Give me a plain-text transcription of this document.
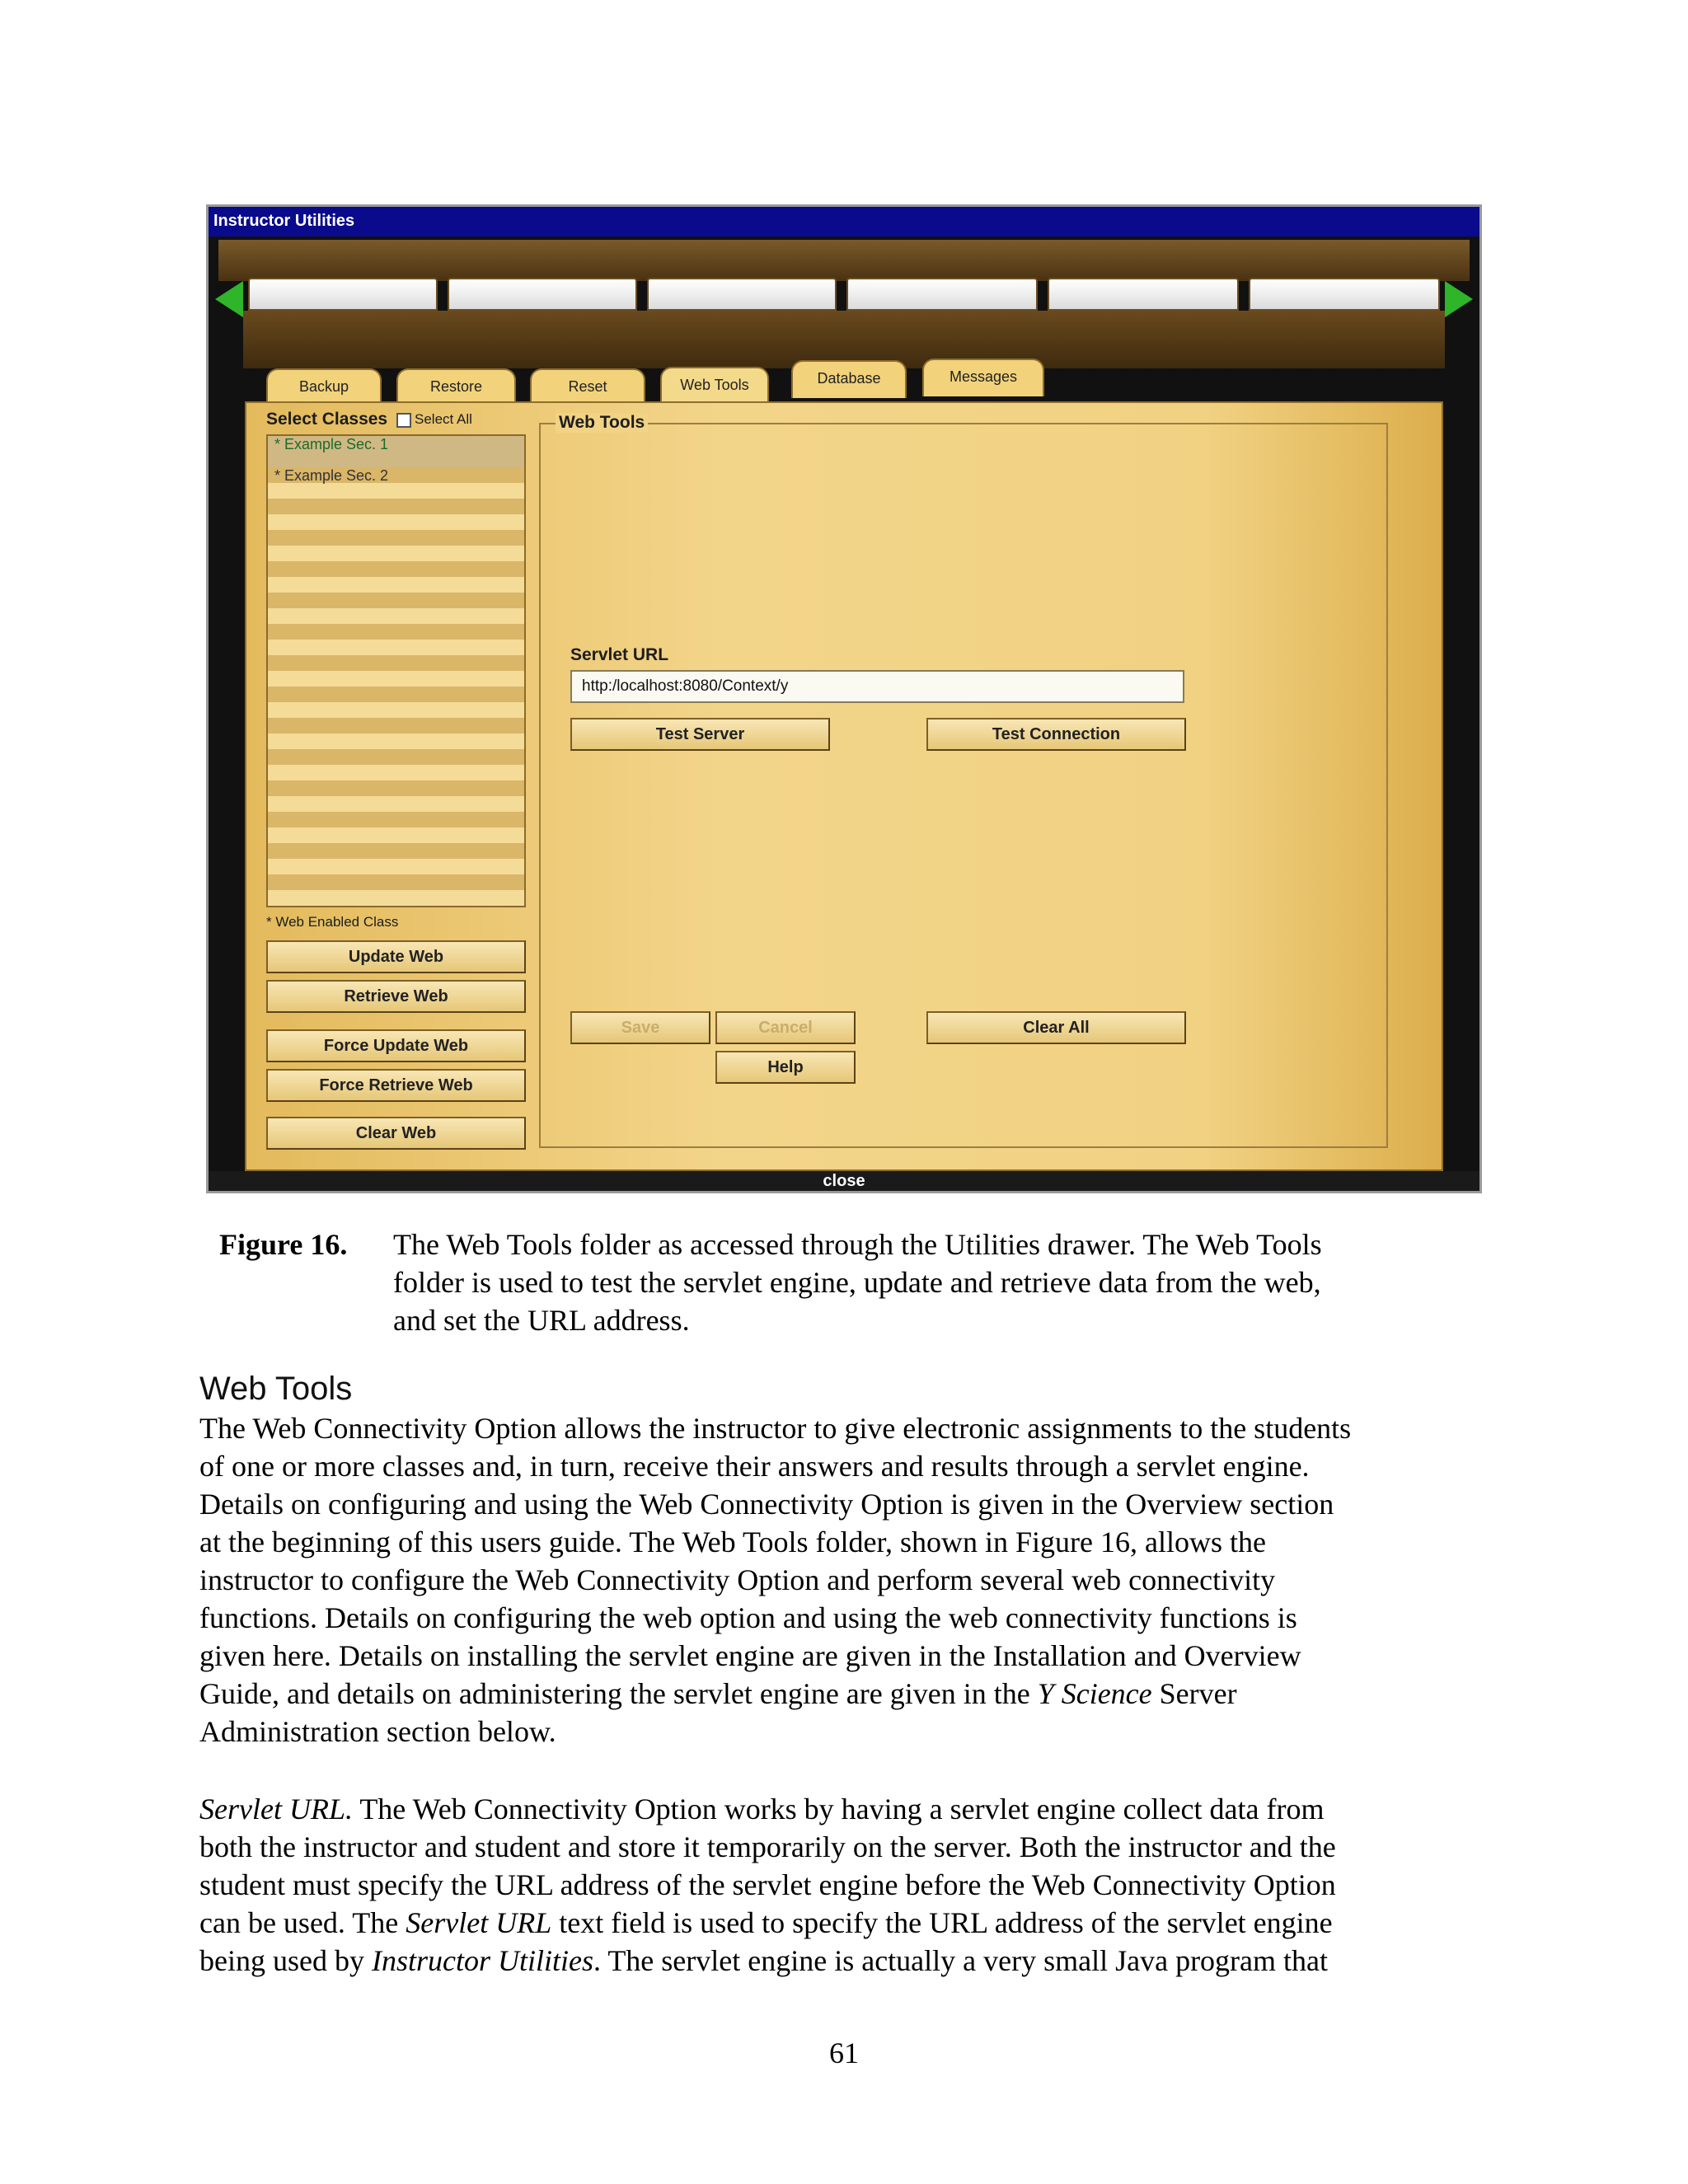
Instructor Utilities
Backup	Restore	Reset	Web Tools	Database	Messages
Select Classes Select All
* Example Sec. 1
* Example Sec. 2
* Web Enabled Class
Update Web
Retrieve Web
Force Update Web
Force Retrieve Web
Clear Web
Web Tools
Servlet URL
http:/localhost:8080/Context/y
Test Server	Test Connection
Save	Cancel
Help
Clear All
close
Figure 16. The Web Tools folder as accessed through the Utilities drawer. The Web Tools
folder is used to test the servlet engine, update and retrieve data from the web,
and set the URL address.
Web Tools
The Web Connectivity Option allows the instructor to give electronic assignments to the students
of one or more classes and, in turn, receive their answers and results through a servlet engine.
Details on configuring and using the Web Connectivity Option is given in the Overview section
at the beginning of this users guide. The Web Tools folder, shown in Figure 16, allows the
instructor to configure the Web Connectivity Option and perform several web connectivity
functions. Details on configuring the web option and using the web connectivity functions is
given here. Details on installing the servlet engine are given in the Installation and Overview
Guide, and details on administering the servlet engine are given in the Y Science Server
Administration section below.
Servlet URL. The Web Connectivity Option works by having a servlet engine collect data from
both the instructor and student and store it temporarily on the server. Both the instructor and the
student must specify the URL address of the servlet engine before the Web Connectivity Option
can be used. The Servlet URL text field is used to specify the URL address of the servlet engine
being used by Instructor Utilities. The servlet engine is actually a very small Java program that
61
